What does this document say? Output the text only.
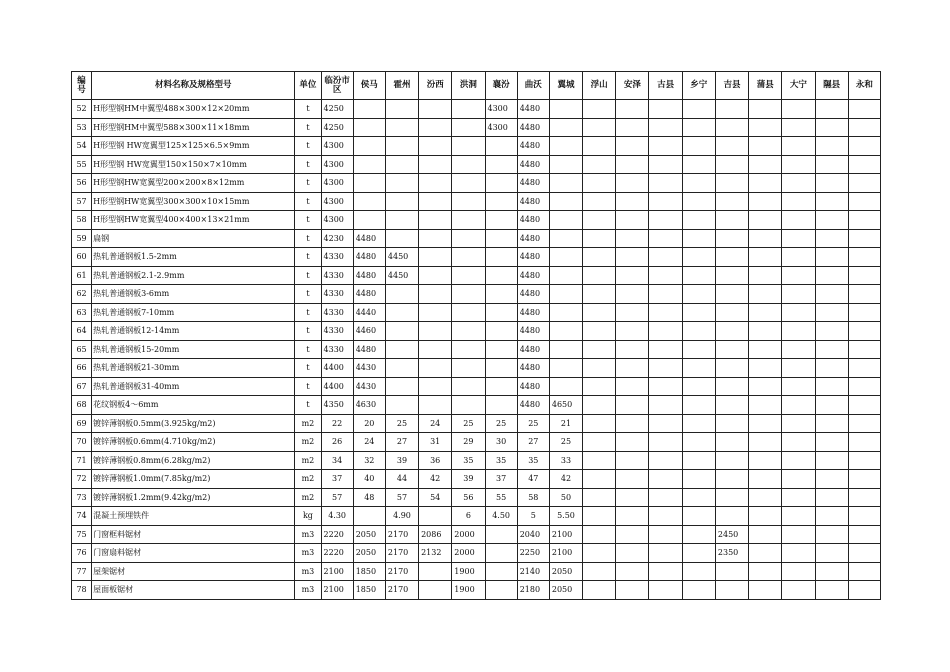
编号	材料名称及规格型号	单位	临汾市区	侯马	霍州	汾西	洪洞	襄汾	曲沃	翼城	浮山	安泽	古县	乡宁	吉县	蒲县	大宁	隰县	永和
52	H形型钢HM中翼型488×300×12×20mm	t	4250					4300	4480										
53	H形型钢HM中翼型588×300×11×18mm	t	4250					4300	4480										
54	H形型钢 HW宽翼型125×125×6.5×9mm	t	4300						4480										
55	H形型钢 HW宽翼型150×150×7×10mm	t	4300						4480										
56	H形型钢HW宽翼型200×200×8×12mm	t	4300						4480										
57	H形型钢HW宽翼型300×300×10×15mm	t	4300						4480										
58	H形型钢HW宽翼型400×400×13×21mm	t	4300						4480										
59	扁钢	t	4230	4480					4480										
60	热轧普通钢板1.5-2mm	t	4330	4480	4450				4480										
61	热轧普通钢板2.1-2.9mm	t	4330	4480	4450				4480										
62	热轧普通钢板3-6mm	t	4330	4480					4480										
63	热轧普通钢板7-10mm	t	4330	4440					4480										
64	热轧普通钢板12-14mm	t	4330	4460					4480										
65	热轧普通钢板15-20mm	t	4330	4480					4480										
66	热轧普通钢板21-30mm	t	4400	4430					4480										
67	热轧普通钢板31-40mm	t	4400	4430					4480										
68	花纹钢板4～6mm	t	4350	4630					4480	4650									
69	镀锌薄钢板0.5mm(3.925kg/m2)	m2	22	20	25	24	25	25	25	21									
70	镀锌薄钢板0.6mm(4.710kg/m2)	m2	26	24	27	31	29	30	27	25									
71	镀锌薄钢板0.8mm(6.28kg/m2)	m2	34	32	39	36	35	35	35	33									
72	镀锌薄钢板1.0mm(7.85kg/m2)	m2	37	40	44	42	39	37	47	42									
73	镀锌薄钢板1.2mm(9.42kg/m2)	m2	57	48	57	54	56	55	58	50									
74	混凝土预埋铁件	kg	4.30		4.90		6	4.50	5	5.50									
75	门窗框料锯材	m3	2220	2050	2170	2086	2000		2040	2100					2450				
76	门窗扇料锯材	m3	2220	2050	2170	2132	2000		2250	2100					2350				
77	屋架锯材	m3	2100	1850	2170		1900		2140	2050									
78	屋面板锯材	m3	2100	1850	2170		1900		2180	2050									
